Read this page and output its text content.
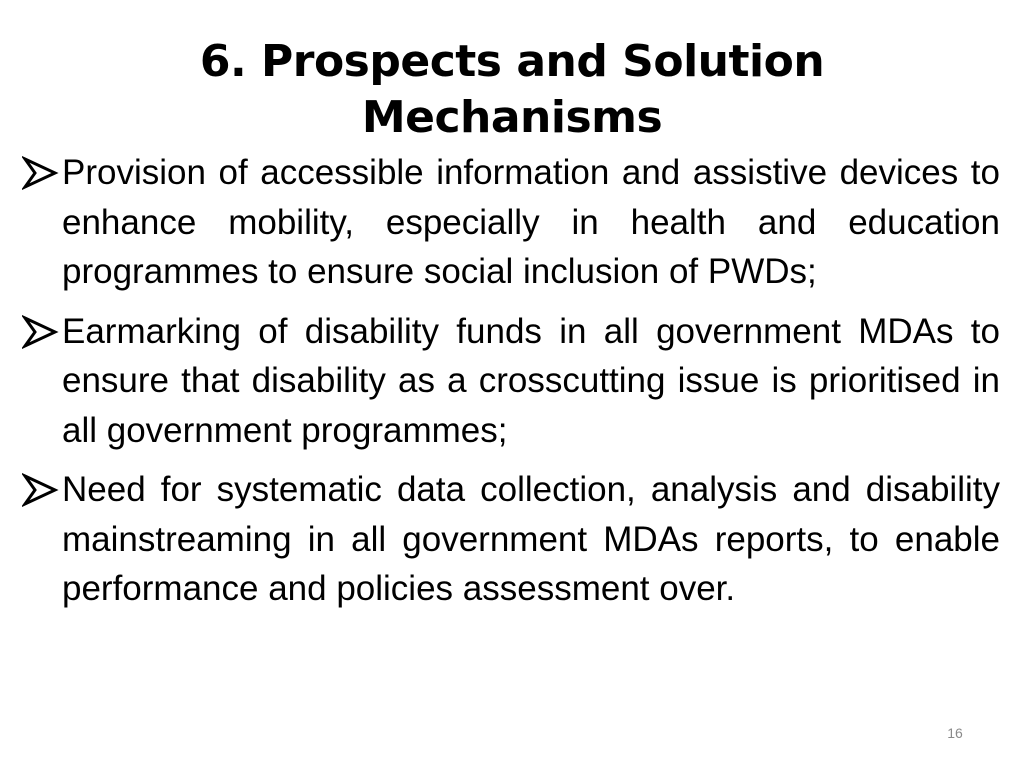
6. Prospects and Solution Mechanisms
Provision of accessible information and assistive devices to enhance mobility, especially in health and education programmes to ensure social inclusion of PWDs;
Earmarking of disability funds in all government MDAs to ensure that disability as a crosscutting issue is prioritised in all government programmes;
Need for systematic data collection, analysis and disability mainstreaming in all government MDAs reports, to enable performance and policies assessment over.
16
